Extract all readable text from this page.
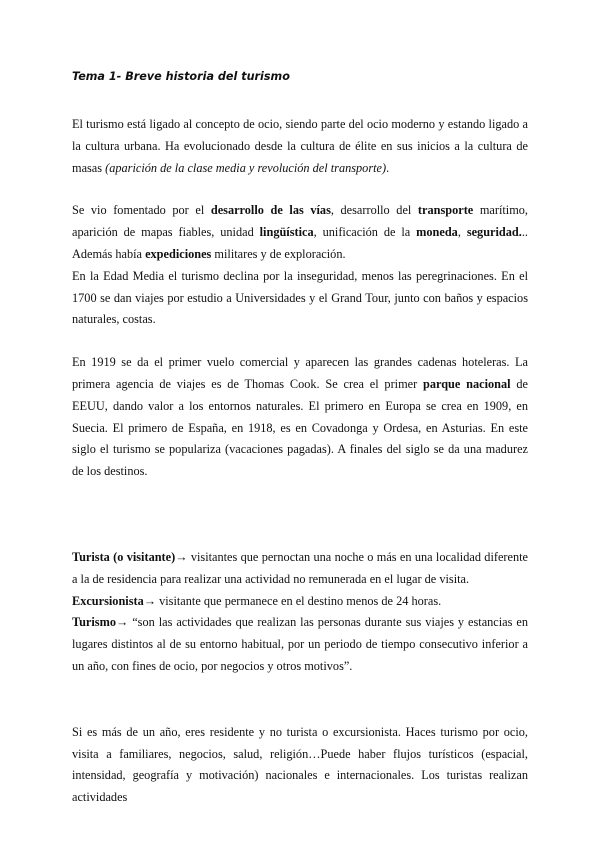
Tema 1- Breve historia del turismo

El turismo está ligado al concepto de ocio, siendo parte del ocio moderno y estando ligado a la cultura urbana. Ha evolucionado desde la cultura de élite en sus inicios a la cultura de masas (aparición de la clase media y revolución del transporte).

Se vio fomentado por el desarrollo de las vías, desarrollo del transporte marítimo, aparición de mapas fiables, unidad lingüística, unificación de la moneda, seguridad... Además había expediciones militares y de exploración.

En la Edad Media el turismo declina por la inseguridad, menos las peregrinaciones. En el 1700 se dan viajes por estudio a Universidades y el Grand Tour, junto con baños y espacios naturales, costas.

En 1919 se da el primer vuelo comercial y aparecen las grandes cadenas hoteleras. La primera agencia de viajes es de Thomas Cook. Se crea el primer parque nacional de EEUU, dando valor a los entornos naturales. El primero en Europa se crea en 1909, en Suecia. El primero de España, en 1918, es en Covadonga y Ordesa, en Asturias. En este siglo el turismo se populariza (vacaciones pagadas). A finales del siglo se da una madurez de los destinos.

Turista (o visitante)→ visitantes que pernoctan una noche o más en una localidad diferente a la de residencia para realizar una actividad no remunerada en el lugar de visita.

Excursionista→ visitante que permanece en el destino menos de 24 horas.

Turismo→ “son las actividades que realizan las personas durante sus viajes y estancias en lugares distintos al de su entorno habitual, por un periodo de tiempo consecutivo inferior a un año, con fines de ocio, por negocios y otros motivos”.

Si es más de un año, eres residente y no turista o excursionista. Haces turismo por ocio, visita a familiares, negocios, salud, religión…Puede haber flujos turísticos (espacial, intensidad, geografía y motivación) nacionales e internacionales. Los turistas realizan actividades
